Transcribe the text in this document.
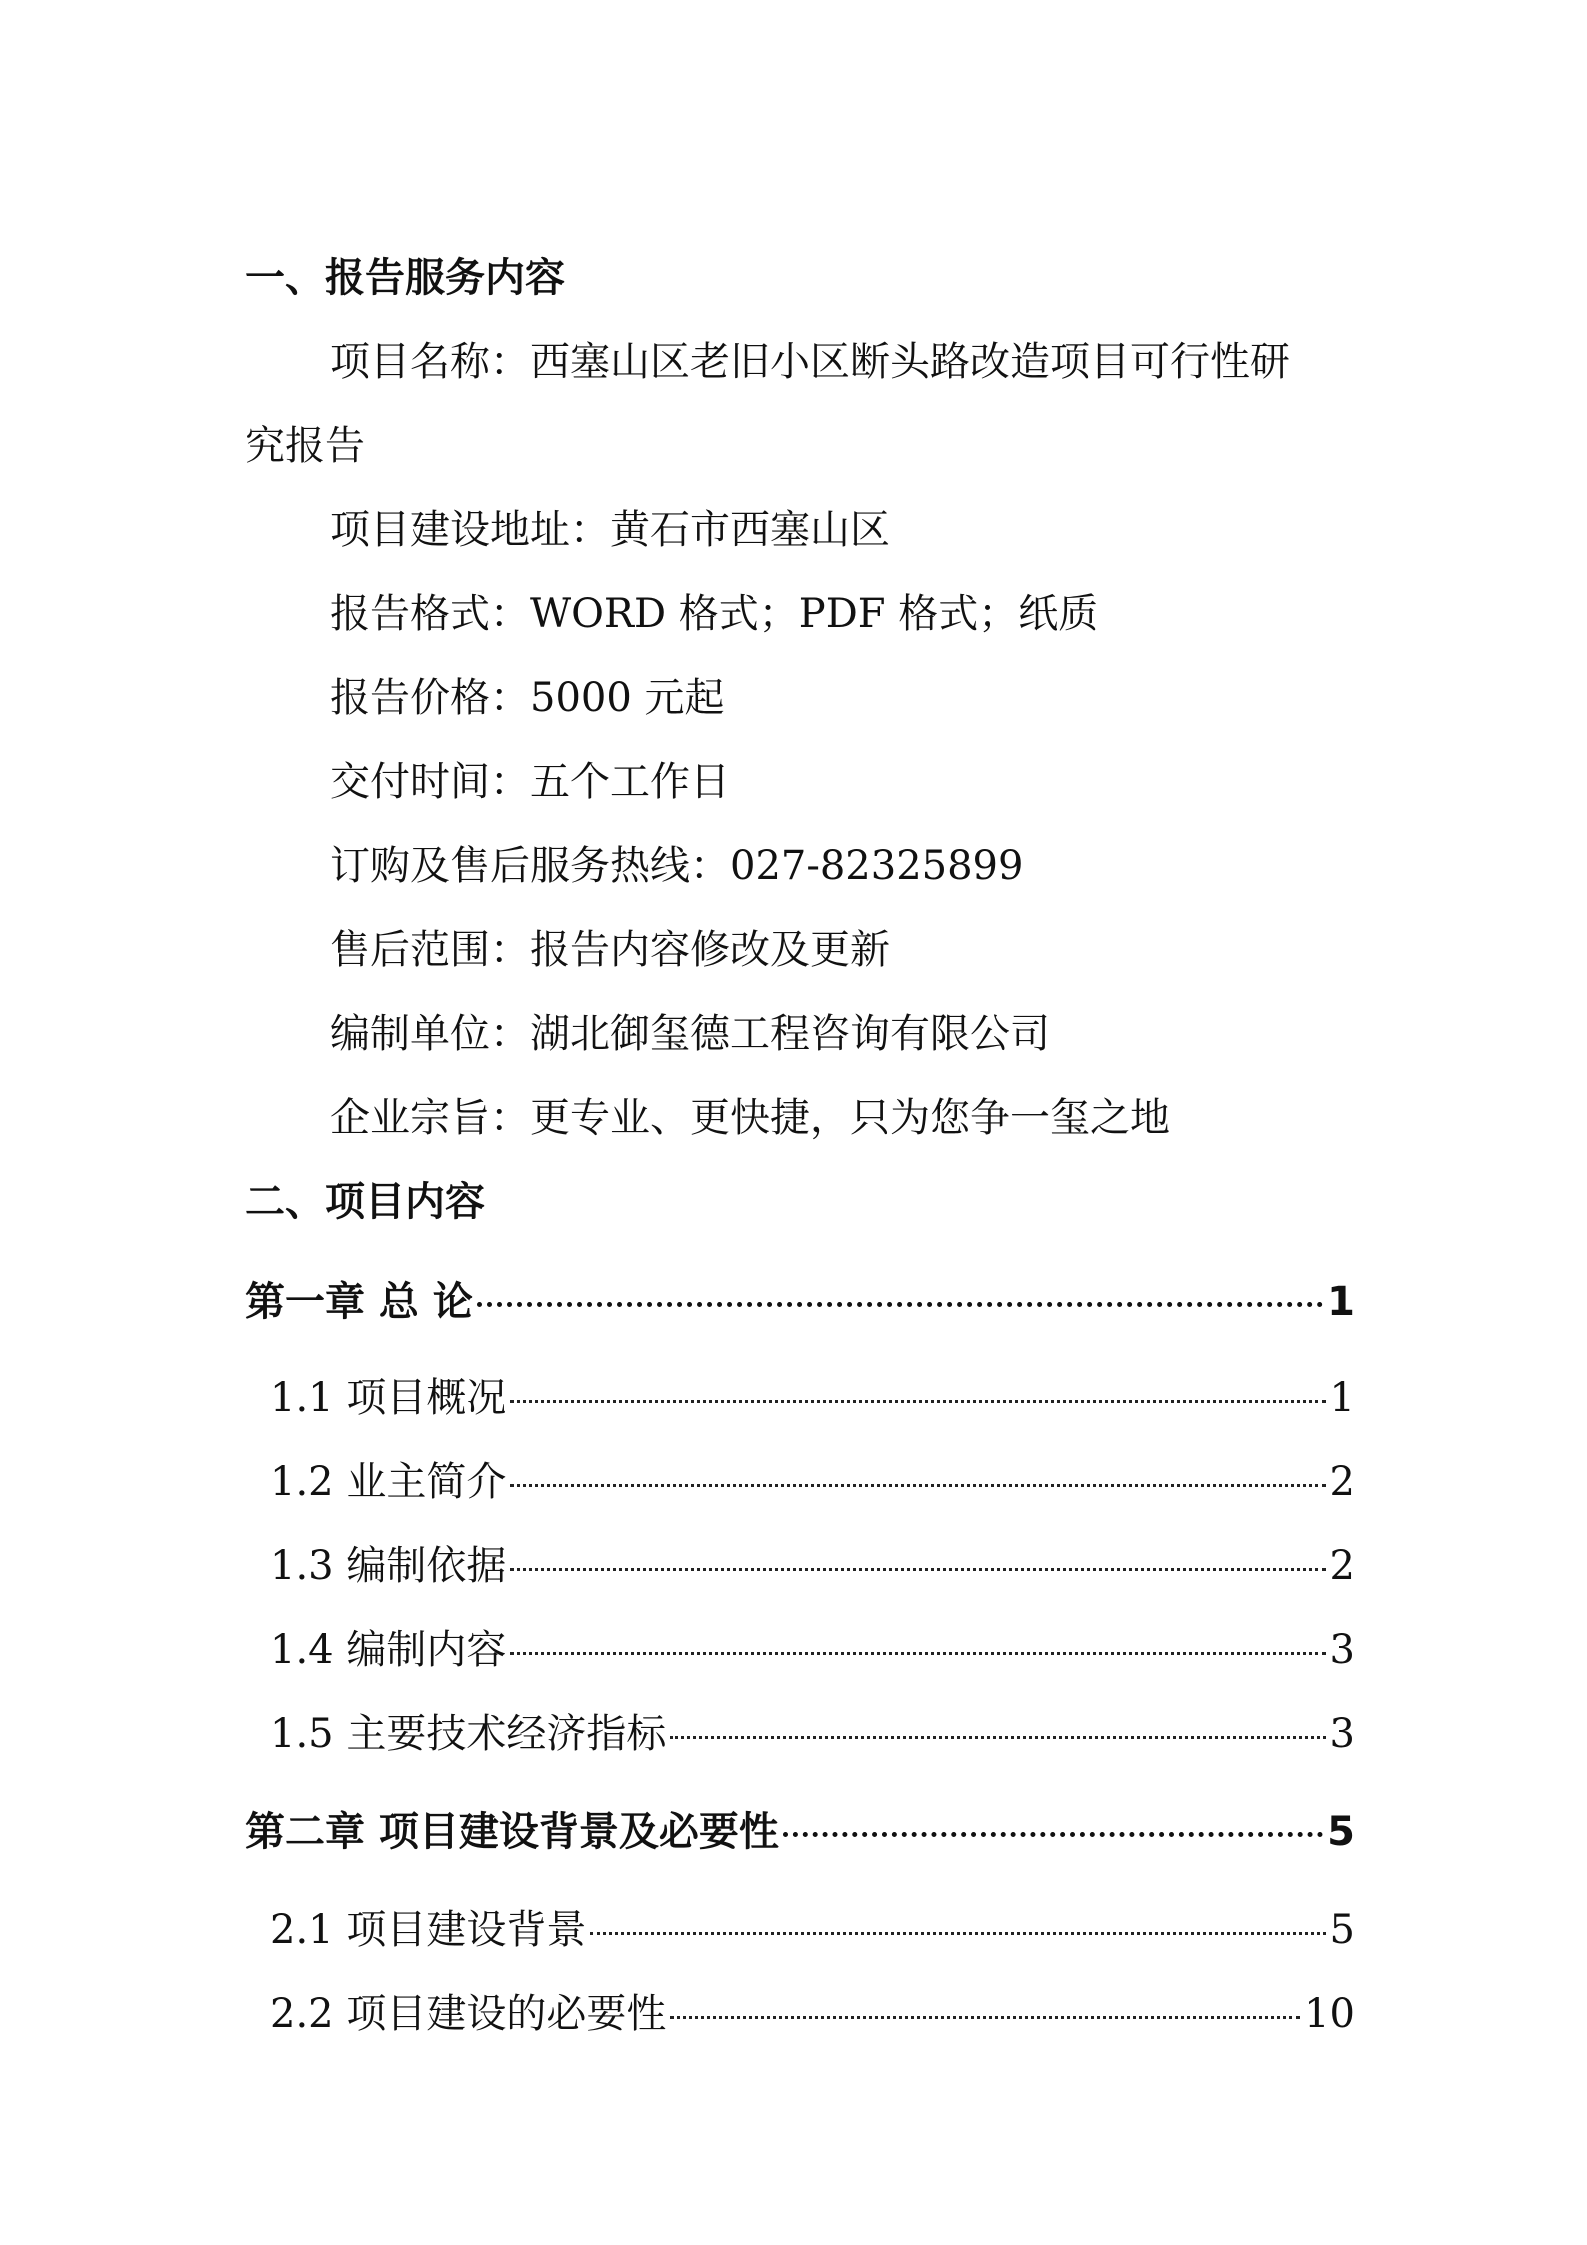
一、报告服务内容
项目名称：西塞山区老旧小区断头路改造项目可行性研
究报告
项目建设地址：黄石市西塞山区
报告格式：WORD 格式；PDF 格式；纸质
报告价格：5000 元起
交付时间：五个工作日
订购及售后服务热线：027-82325899
售后范围：报告内容修改及更新
编制单位：湖北御玺德工程咨询有限公司
企业宗旨：更专业、更快捷，只为您争一玺之地
二、项目内容
第一章 总 论	1
1.1 项目概况	1
1.2 业主简介	2
1.3 编制依据	2
1.4 编制内容	3
1.5 主要技术经济指标	3
第二章 项目建设背景及必要性	5
2.1 项目建设背景	5
2.2 项目建设的必要性	10
